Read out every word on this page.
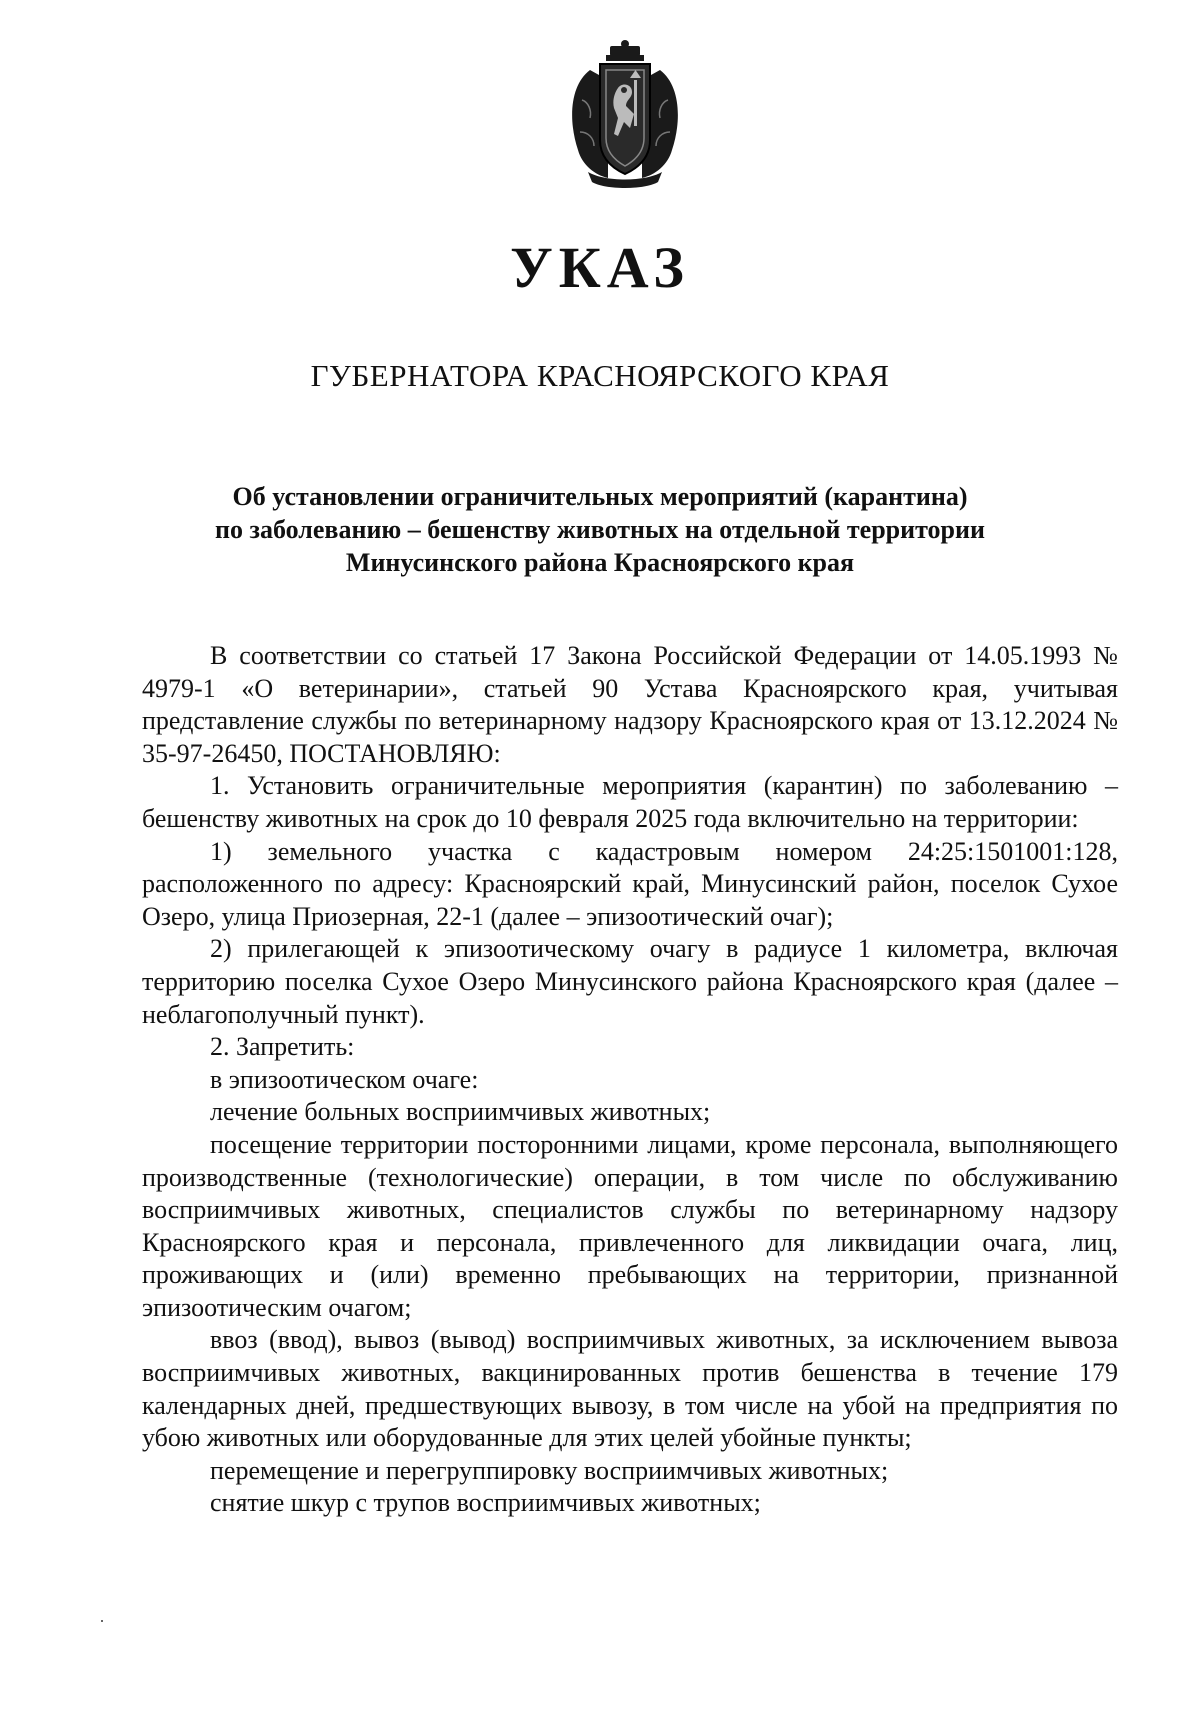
УКАЗ
ГУБЕРНАТОРА КРАСНОЯРСКОГО КРАЯ
Об установлении ограничительных мероприятий (карантина)
по заболеванию – бешенству животных на отдельной территории
Минусинского района Красноярского края

В соответствии со статьей 17 Закона Российской Федерации от 14.05.1993 № 4979-1 «О ветеринарии», статьей 90 Устава Красноярского края, учитывая представление службы по ветеринарному надзору Красноярского края от 13.12.2024 № 35-97-26450, ПОСТАНОВЛЯЮ:

1. Установить ограничительные мероприятия (карантин) по заболеванию – бешенству животных на срок до 10 февраля 2025 года включительно на территории:

1) земельного участка с кадастровым номером 24:25:1501001:128, расположенного по адресу: Красноярский край, Минусинский район, поселок Сухое Озеро, улица Приозерная, 22-1 (далее – эпизоотический очаг);

2) прилегающей к эпизоотическому очагу в радиусе 1 километра, включая территорию поселка Сухое Озеро Минусинского района Красноярского края (далее – неблагополучный пункт).

2. Запретить:

в эпизоотическом очаге:

лечение больных восприимчивых животных;

посещение территории посторонними лицами, кроме персонала, выполняющего производственные (технологические) операции, в том числе по обслуживанию восприимчивых животных, специалистов службы по ветеринарному надзору Красноярского края и персонала, привлеченного для ликвидации очага, лиц, проживающих и (или) временно пребывающих на территории, признанной эпизоотическим очагом;

ввоз (ввод), вывоз (вывод) восприимчивых животных, за исключением вывоза восприимчивых животных, вакцинированных против бешенства в течение 179 календарных дней, предшествующих вывозу, в том числе на убой на предприятия по убою животных или оборудованные для этих целей убойные пункты;

перемещение и перегруппировку восприимчивых животных;

снятие шкур с трупов восприимчивых животных;
